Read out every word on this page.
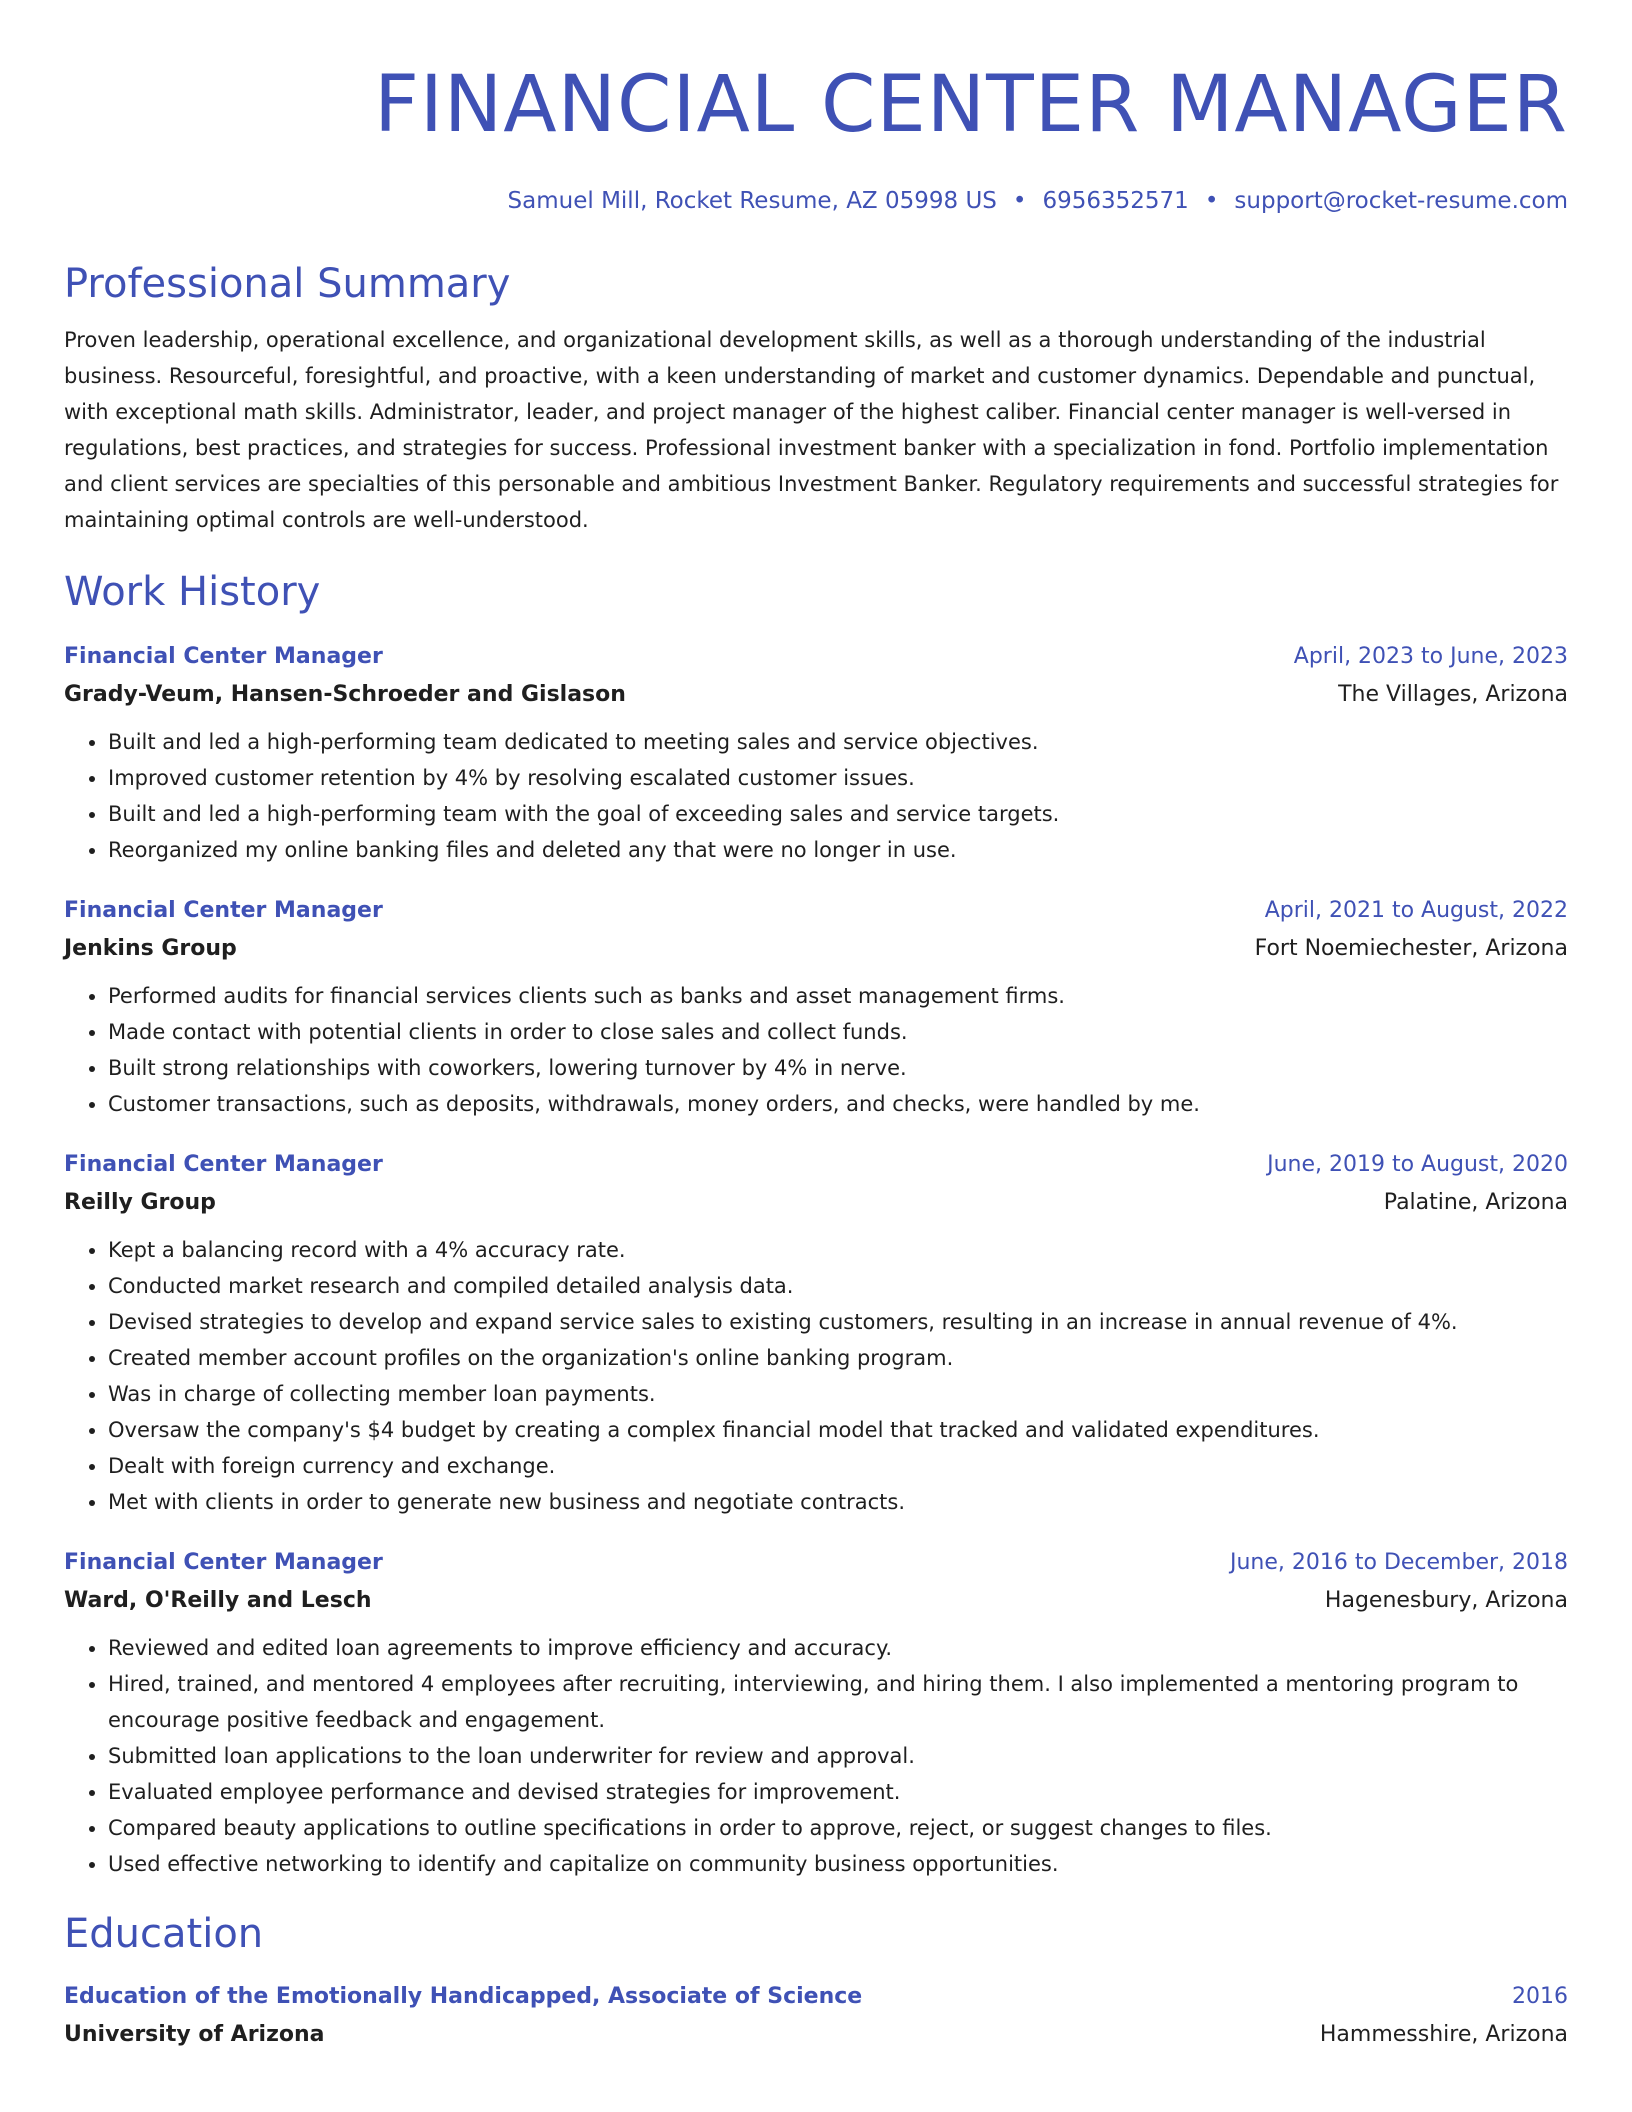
FINANCIAL CENTER MANAGER
Samuel Mill, Rocket Resume, AZ 05998 US • 6956352571 • support@rocket-resume.com
Professional Summary
Proven leadership, operational excellence, and organizational development skills, as well as a thorough understanding of the industrial business. Resourceful, foresightful, and proactive, with a keen understanding of market and customer dynamics. Dependable and punctual, with exceptional math skills. Administrator, leader, and project manager of the highest caliber. Financial center manager is well-versed in regulations, best practices, and strategies for success. Professional investment banker with a specialization in fond. Portfolio implementation and client services are specialties of this personable and ambitious Investment Banker. Regulatory requirements and successful strategies for maintaining optimal controls are well-understood.
Work History
Financial Center Manager	April, 2023 to June, 2023
Grady-Veum, Hansen-Schroeder and Gislason	The Villages, Arizona
• Built and led a high-performing team dedicated to meeting sales and service objectives.
• Improved customer retention by 4% by resolving escalated customer issues.
• Built and led a high-performing team with the goal of exceeding sales and service targets.
• Reorganized my online banking files and deleted any that were no longer in use.
Financial Center Manager	April, 2021 to August, 2022
Jenkins Group	Fort Noemiechester, Arizona
• Performed audits for financial services clients such as banks and asset management firms.
• Made contact with potential clients in order to close sales and collect funds.
• Built strong relationships with coworkers, lowering turnover by 4% in nerve.
• Customer transactions, such as deposits, withdrawals, money orders, and checks, were handled by me.
Financial Center Manager	June, 2019 to August, 2020
Reilly Group	Palatine, Arizona
• Kept a balancing record with a 4% accuracy rate.
• Conducted market research and compiled detailed analysis data.
• Devised strategies to develop and expand service sales to existing customers, resulting in an increase in annual revenue of 4%.
• Created member account profiles on the organization's online banking program.
• Was in charge of collecting member loan payments.
• Oversaw the company's $4 budget by creating a complex financial model that tracked and validated expenditures.
• Dealt with foreign currency and exchange.
• Met with clients in order to generate new business and negotiate contracts.
Financial Center Manager	June, 2016 to December, 2018
Ward, O'Reilly and Lesch	Hagenesbury, Arizona
• Reviewed and edited loan agreements to improve efficiency and accuracy.
• Hired, trained, and mentored 4 employees after recruiting, interviewing, and hiring them. I also implemented a mentoring program to encourage positive feedback and engagement.
• Submitted loan applications to the loan underwriter for review and approval.
• Evaluated employee performance and devised strategies for improvement.
• Compared beauty applications to outline specifications in order to approve, reject, or suggest changes to files.
• Used effective networking to identify and capitalize on community business opportunities.
Education
Education of the Emotionally Handicapped, Associate of Science	2016
University of Arizona	Hammesshire, Arizona
